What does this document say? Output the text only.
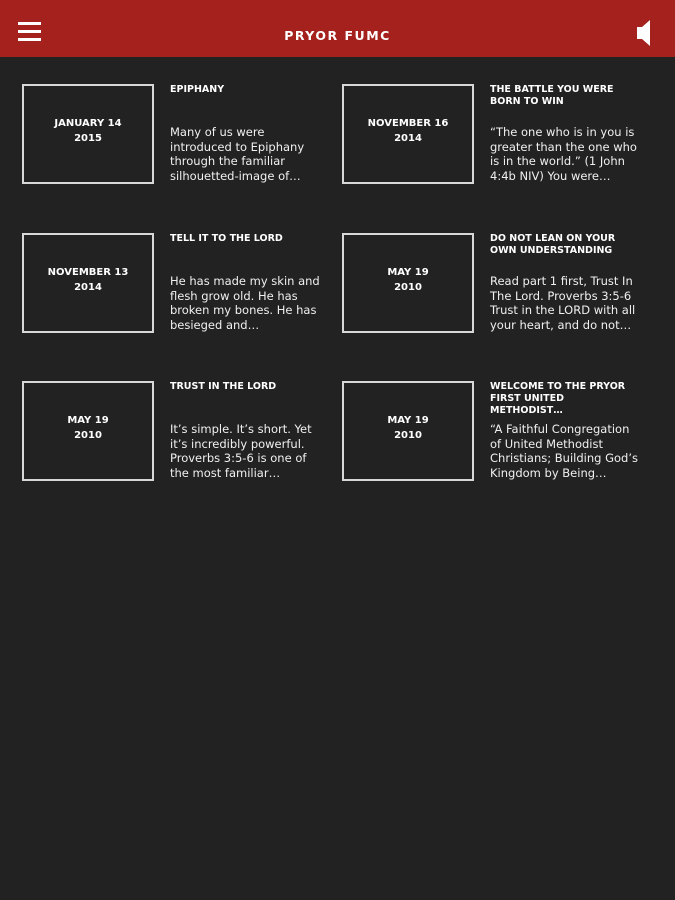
PRYOR FUMC
JANUARY 14
2015
EPIPHANY
Many of us were introduced to Epiphany through the familiar silhouetted-image of…
NOVEMBER 16
2014
THE BATTLE YOU WERE BORN TO WIN
“The one who is in you is greater than the one who is in the world.” (1 John 4:4b NIV) You were…
NOVEMBER 13
2014
TELL IT TO THE LORD
He has made my skin and flesh grow old. He has broken my bones. He has besieged and…
MAY 19
2010
DO NOT LEAN ON YOUR OWN UNDERSTANDING
Read part 1 first, Trust In The Lord. Proverbs 3:5-6 Trust in the LORD with all your heart, and do not…
MAY 19
2010
TRUST IN THE LORD
It’s simple. It’s short. Yet it’s incredibly powerful. Proverbs 3:5-6 is one of the most familiar…
MAY 19
2010
WELCOME TO THE PRYOR FIRST UNITED METHODIST…
“A Faithful Congregation of United Methodist Christians; Building God’s Kingdom by Being…
